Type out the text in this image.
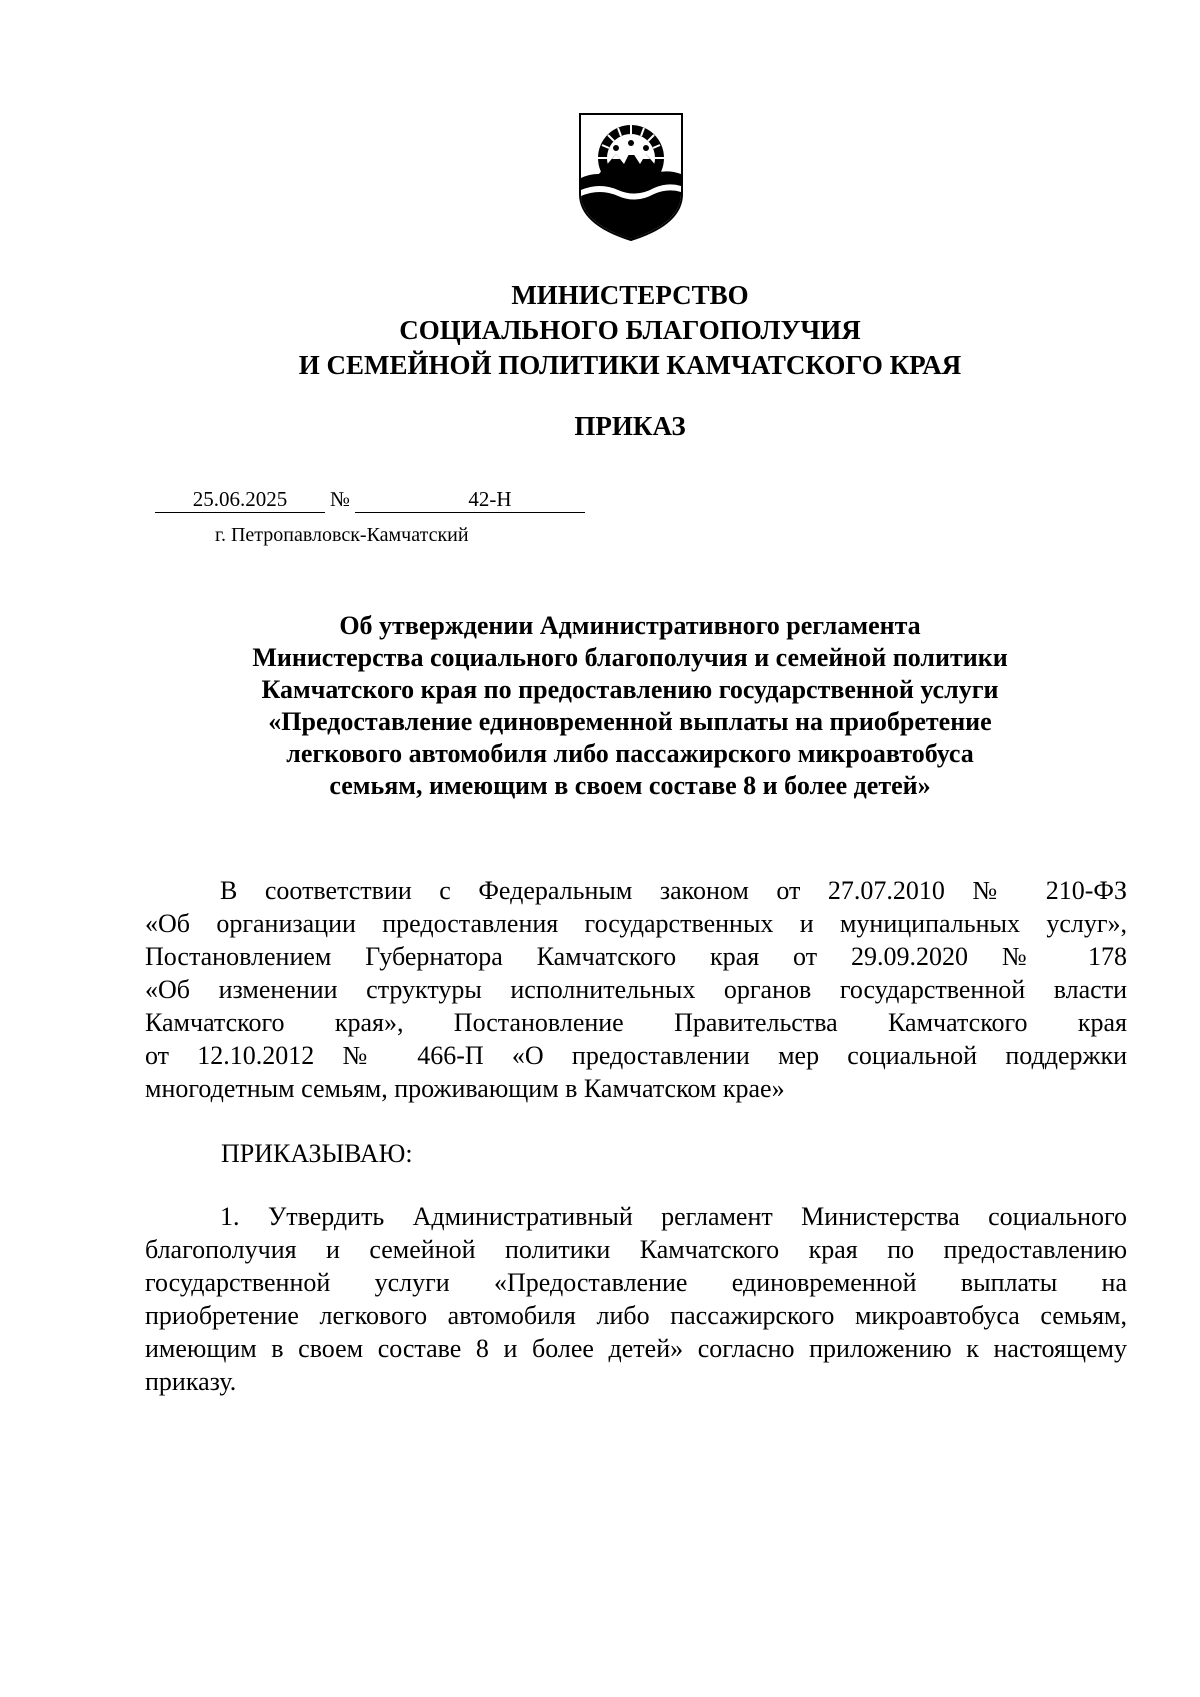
МИНИСТЕРСТВО
СОЦИАЛЬНОГО БЛАГОПОЛУЧИЯ
И СЕМЕЙНОЙ ПОЛИТИКИ КАМЧАТСКОГО КРАЯ
ПРИКАЗ
25.06.2025	№	42-Н
г. Петропавловск-Камчатский
Об утверждении Административного регламента
Министерства социального благополучия и семейной политики
Камчатского края по предоставлению государственной услуги
«Предоставление единовременной выплаты на приобретение
легкового автомобиля либо пассажирского микроавтобуса
семьям, имеющим в своем составе 8 и более детей»
В соответствии с Федеральным законом от 27.07.2010 № 210-ФЗ
«Об организации предоставления государственных и муниципальных услуг»,
Постановлением Губернатора Камчатского края от 29.09.2020 № 178
«Об изменении структуры исполнительных органов государственной власти
Камчатского края», Постановление Правительства Камчатского края
от 12.10.2012 № 466-П «О предоставлении мер социальной поддержки
многодетным семьям, проживающим в Камчатском крае»
ПРИКАЗЫВАЮ:
1. Утвердить Административный регламент Министерства социального
благополучия и семейной политики Камчатского края по предоставлению
государственной услуги «Предоставление единовременной выплаты на
приобретение легкового автомобиля либо пассажирского микроавтобуса семьям,
имеющим в своем составе 8 и более детей» согласно приложению к настоящему
приказу.
